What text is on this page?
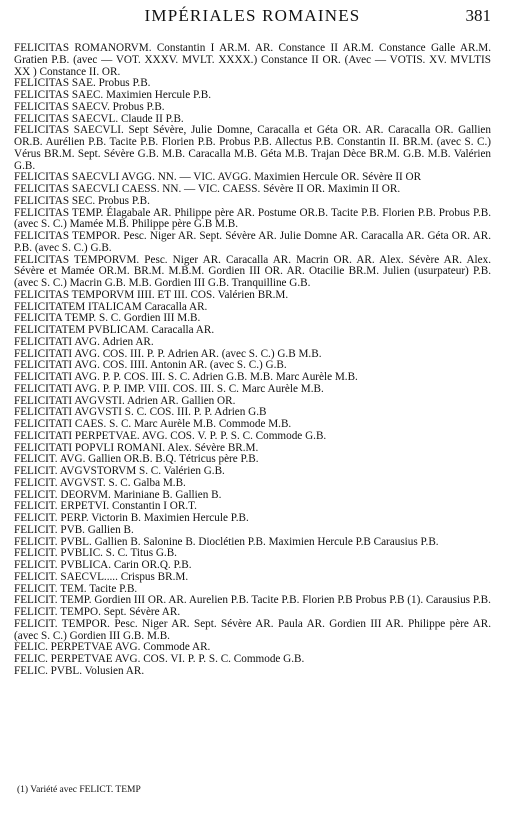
IMPÉRIALES ROMAINES	381

FELICITAS ROMANORVM. Constantin I AR.M. AR. Constance II AR.M. Constance Galle AR.M. Gratien P.B. (avec — VOT. XXXV. MVLT. XXXX.) Constance II OR. (Avec — VOTIS. XV. MVLTIS XX ) Constance II. OR.

FELICITAS SAE. Probus P.B.

FELICITAS SAEC. Maximien Hercule P.B.

FELICITAS SAECV. Probus P.B.

FELICITAS SAECVL. Claude II P.B.

FELICITAS SAECVLI. Sept Sévère, Julie Domne, Caracalla et Géta OR. AR. Caracalla OR. Gallien OR.B. Aurélien P.B. Tacite P.B. Florien P.B. Probus P.B. Allectus P.B. Constantin II. BR.M. (avec S. C.) Vérus BR.M. Sept. Sévère G.B. M.B. Caracalla M.B. Géta M.B. Trajan Dèce BR.M. G.B. M.B. Valérien G.B.

FELICITAS SAECVLI AVGG. NN. — VIC. AVGG. Maximien Hercule OR. Sévère II OR

FELICITAS SAECVLI CAESS. NN. — VIC. CAESS. Sévère II OR. Maximin II OR.

FELICITAS SEC. Probus P.B.

FELICITAS TEMP. Élagabale AR. Philippe père AR. Postume OR.B. Tacite P.B. Florien P.B. Probus P.B. (avec S. C.) Mamée M.B. Philippe père G.B M.B.

FELICITAS TEMPOR. Pesc. Niger AR. Sept. Sévère AR. Julie Domne AR. Caracalla AR. Géta OR. AR. P.B. (avec S. C.) G.B.

FELICITAS TEMPORVM. Pesc. Niger AR. Caracalla AR. Macrin OR. AR. Alex. Sévère AR. Alex. Sévère et Mamée OR.M. BR.M. M.B.M. Gordien III OR. AR. Otacilie BR.M. Julien (usurpateur) P.B. (avec S. C.) Macrin G.B. M.B. Gordien III G.B. Tranquilline G.B.

FELICITAS TEMPORVM IIII. ET III. COS. Valérien BR.M.

FELICITATEM ITALICAM Caracalla AR.

FELICITA TEMP. S. C. Gordien III M.B.

FELICITATEM PVBLICAM. Caracalla AR.

FELICITATI AVG. Adrien AR.

FELICITATI AVG. COS. III. P. P. Adrien AR. (avec S. C.) G.B M.B.

FELICITATI AVG. COS. IIII. Antonin AR. (avec S. C.) G.B.

FELICITATI AVG. P. P. COS. III. S. C. Adrien G.B. M.B. Marc Aurèle M.B.

FELICITATI AVG. P. P. IMP. VIII. COS. III. S. C. Marc Aurèle M.B.

FELICITATI AVGVSTI. Adrien AR. Gallien OR.

FELICITATI AVGVSTI S. C. COS. III. P. P. Adrien G.B

FELICITATI CAES. S. C. Marc Aurèle M.B. Commode M.B.

FELICITATI PERPETVAE. AVG. COS. V. P. P. S. C. Commode G.B.

FELICITATI POPVLI ROMANI. Alex. Sévère BR.M.

FELICIT. AVG. Gallien OR.B. B.Q. Tétricus père P.B.

FELICIT. AVGVSTORVM S. C. Valérien G.B.

FELICIT. AVGVST. S. C. Galba M.B.

FELICIT. DEORVM. Mariniane B. Gallien B.

FELICIT. ERPETVI. Constantin I OR.T.

FELICIT. PERP. Victorin B. Maximien Hercule P.B.

FELICIT. PVB. Gallien B.

FELICIT. PVBL. Gallien B. Salonine B. Dioclétien P.B. Maximien Hercule P.B Carausius P.B.

FELICIT. PVBLIC. S. C. Titus G.B.

FELICIT. PVBLICA. Carin OR.Q. P.B.

FELICIT. SAECVL..... Crispus BR.M.

FELICIT. TEM. Tacite P.B.

FELICIT. TEMP. Gordien III OR. AR. Aurelien P.B. Tacite P.B. Florien P.B Probus P.B (1). Carausius P.B.

FELICIT. TEMPO. Sept. Sévère AR.

FELICIT. TEMPOR. Pesc. Niger AR. Sept. Sévère AR. Paula AR. Gordien III AR. Philippe père AR. (avec S. C.) Gordien III G.B. M.B.

FELIC. PERPETVAE AVG. Commode AR.

FELIC. PERPETVAE AVG. COS. VI. P. P. S. C. Commode G.B.

FELIC. PVBL. Volusien AR.

(1) Variété avec FELICT. TEMP
